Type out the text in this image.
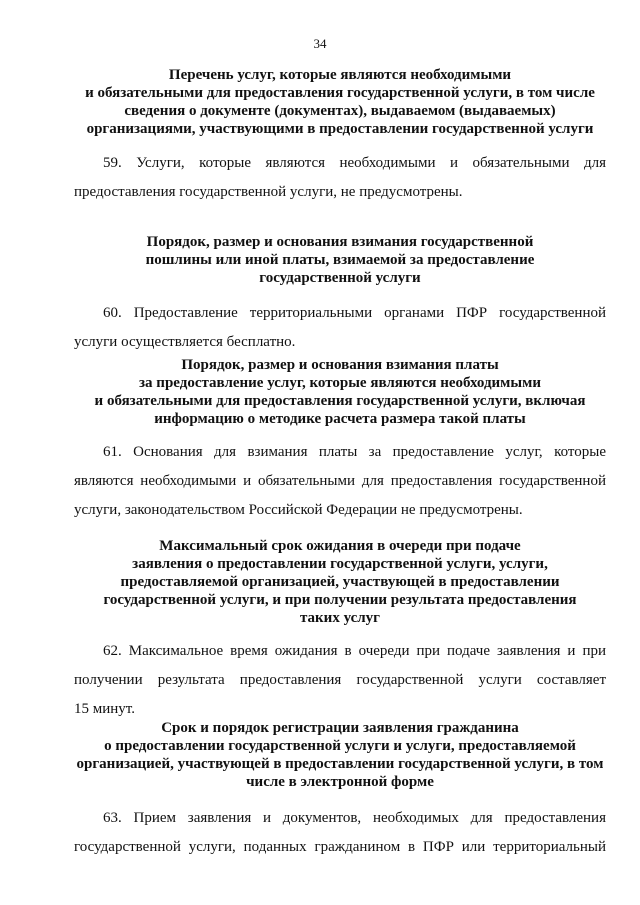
34
Перечень услуг, которые являются необходимыми
и обязательными для предоставления государственной услуги, в том числе
сведения о документе (документах), выдаваемом (выдаваемых)
организациями, участвующими в предоставлении государственной услуги
59. Услуги, которые являются необходимыми и обязательными для
предоставления государственной услуги, не предусмотрены.
Порядок, размер и основания взимания государственной
пошлины или иной платы, взимаемой за предоставление
государственной услуги
60. Предоставление территориальными органами ПФР государственной
услуги осуществляется бесплатно.
Порядок, размер и основания взимания платы
за предоставление услуг, которые являются необходимыми
и обязательными для предоставления государственной услуги, включая
информацию о методике расчета размера такой платы
61. Основания для взимания платы за предоставление услуг, которые
являются необходимыми и обязательными для предоставления государственной
услуги, законодательством Российской Федерации не предусмотрены.
Максимальный срок ожидания в очереди при подаче
заявления о предоставлении государственной услуги, услуги,
предоставляемой организацией, участвующей в предоставлении
государственной услуги, и при получении результата предоставления
таких услуг
62. Максимальное время ожидания в очереди при подаче заявления и при
получении результата предоставления государственной услуги составляет
15 минут.
Срок и порядок регистрации заявления гражданина
о предоставлении государственной услуги и услуги, предоставляемой
организацией, участвующей в предоставлении государственной услуги, в том
числе в электронной форме
63. Прием заявления и документов, необходимых для предоставления
государственной услуги, поданных гражданином в ПФР или территориальный
